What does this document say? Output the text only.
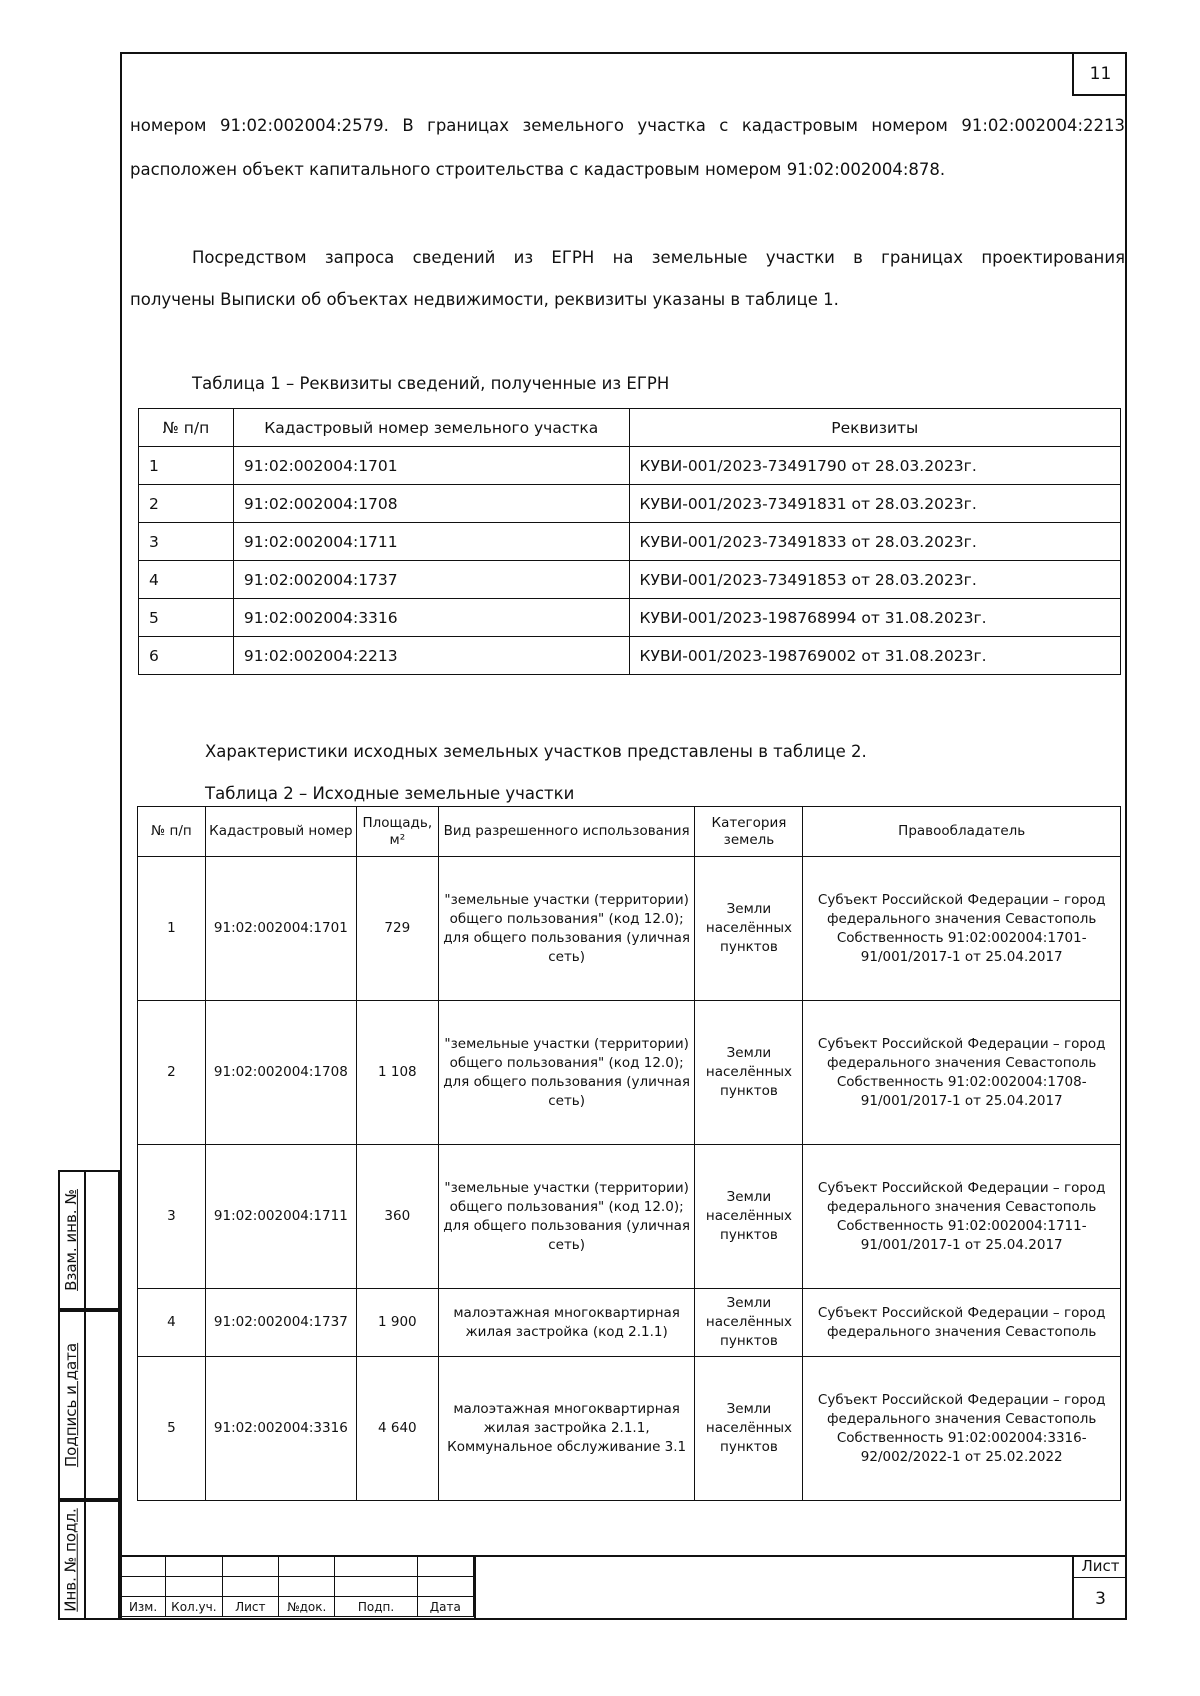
11
номером 91:02:002004:2579. В границах земельного участка с кадастровым номером 91:02:002004:2213
расположен объект капитального строительства с кадастровым номером 91:02:002004:878.
Посредством запроса сведений из ЕГРН на земельные участки в границах проектирования
получены Выписки об объектах недвижимости, реквизиты указаны в таблице 1.
Таблица 1 – Реквизиты сведений, полученные из ЕГРН
№ п/п	Кадастровый номер земельного участка	Реквизиты
1	91:02:002004:1701	КУВИ-001/2023-73491790 от 28.03.2023г.
2	91:02:002004:1708	КУВИ-001/2023-73491831 от 28.03.2023г.
3	91:02:002004:1711	КУВИ-001/2023-73491833 от 28.03.2023г.
4	91:02:002004:1737	КУВИ-001/2023-73491853 от 28.03.2023г.
5	91:02:002004:3316	КУВИ-001/2023-198768994 от 31.08.2023г.
6	91:02:002004:2213	КУВИ-001/2023-198769002 от 31.08.2023г.
Характеристики исходных земельных участков представлены в таблице 2.
Таблица 2 – Исходные земельные участки
№ п/п	Кадастровый номер	Площадь, м²	Вид разрешенного использования	Категория земель	Правообладатель
1	91:02:002004:1701	729	"земельные участки (территории) общего пользования" (код 12.0); для общего пользования (уличная сеть)	Земли населённых пунктов	Субъект Российской Федерации – город федерального значения Севастополь Собственность 91:02:002004:1701-91/001/2017-1 от 25.04.2017
2	91:02:002004:1708	1 108	"земельные участки (территории) общего пользования" (код 12.0); для общего пользования (уличная сеть)	Земли населённых пунктов	Субъект Российской Федерации – город федерального значения Севастополь Собственность 91:02:002004:1708-91/001/2017-1 от 25.04.2017
3	91:02:002004:1711	360	"земельные участки (территории) общего пользования" (код 12.0); для общего пользования (уличная сеть)	Земли населённых пунктов	Субъект Российской Федерации – город федерального значения Севастополь Собственность 91:02:002004:1711-91/001/2017-1 от 25.04.2017
4	91:02:002004:1737	1 900	малоэтажная многоквартирная жилая застройка (код 2.1.1)	Земли населённых пунктов	Субъект Российской Федерации – город федерального значения Севастополь
5	91:02:002004:3316	4 640	малоэтажная многоквартирная жилая застройка 2.1.1, Коммунальное обслуживание 3.1	Земли населённых пунктов	Субъект Российской Федерации – город федерального значения Севастополь Собственность 91:02:002004:3316-92/002/2022-1 от 25.02.2022
Взам. инв. №
Подпись и дата
Инв. № подл.

						Изм.	Кол.уч.	Лист	№док.	Подп.	Дата
Лист
3
